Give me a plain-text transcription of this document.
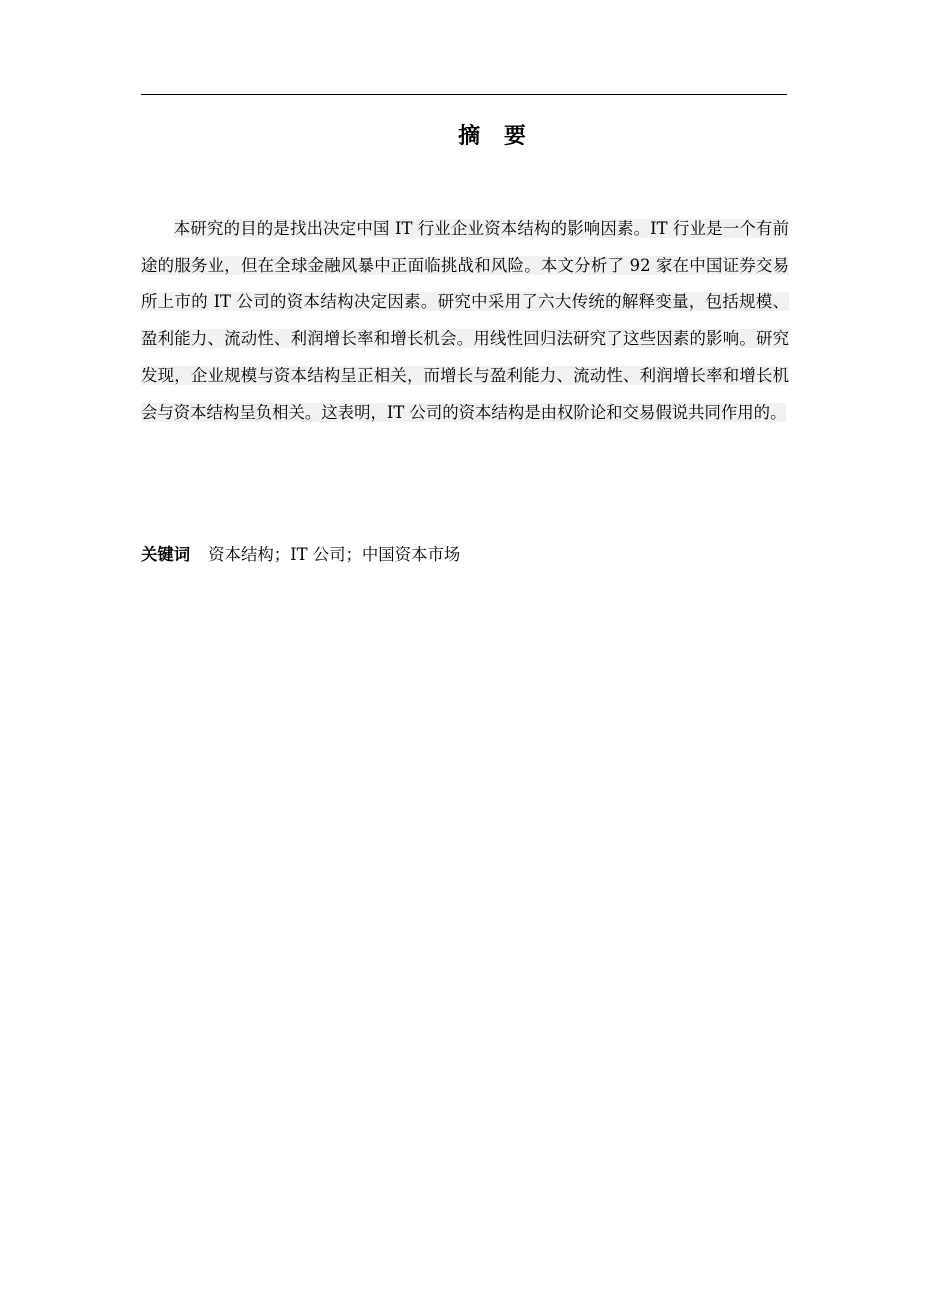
摘 要

本研究的目的是找出决定中国 IT 行业企业资本结构的影响因素。IT 行业是一个有前途的服务业，但在全球金融风暴中正面临挑战和风险。本文分析了 92 家在中国证券交易所上市的 IT 公司的资本结构决定因素。研究中采用了六大传统的解释变量，包括规模、盈利能力、流动性、利润增长率和增长机会。用线性回归法研究了这些因素的影响。研究发现，企业规模与资本结构呈正相关，而增长与盈利能力、流动性、利润增长率和增长机会与资本结构呈负相关。这表明，IT 公司的资本结构是由权阶论和交易假说共同作用的。

关键词 资本结构；IT 公司；中国资本市场
